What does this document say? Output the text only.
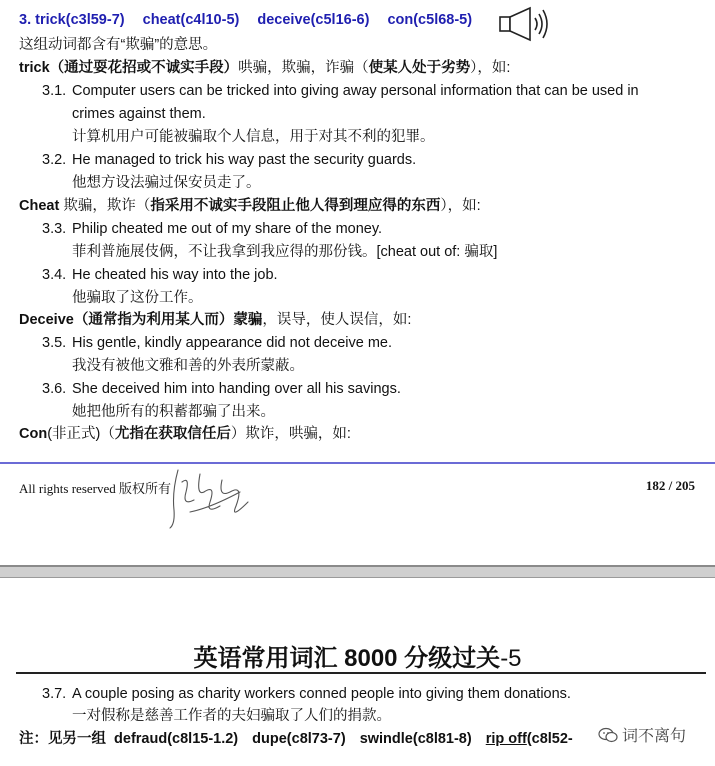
3. trick(c3l59-7) cheat(c4l10-5) deceive(c5l16-6) con(c5l68-5)
这组动词都含有“欺骗”的意思。
trick（通过耍花招或不诚实手段）哄骗，欺骗，诈骗（使某人处于劣势），如:
3.1. Computer users can be tricked into giving away personal information that can be used in
crimes against them.
计算机用户可能被骗取个人信息，用于对其不利的犯罪。
3.2. He managed to trick his way past the security guards.
他想方设法骗过保安员走了。
Cheat 欺骗，欺诈（指采用不诚实手段阻止他人得到理应得的东西），如:
3.3. Philip cheated me out of my share of the money.
菲利普施展伎俩，不让我拿到我应得的那份钱。[cheat out of: 骗取]
3.4. He cheated his way into the job.
他骗取了这份工作。
Deceive（通常指为利用某人而）蒙骗，误导，使人误信，如:
3.5. His gentle, kindly appearance did not deceive me.
我没有被他文雅和善的外表所蒙蔽。
3.6. She deceived him into handing over all his savings.
她把他所有的积蓄都骗了出来。
Con(非正式)（尤指在获取信任后）欺诈，哄骗，如:
All rights reserved 版权所有	182 / 205
英语常用词汇 8000 分级过关-5
3.7. A couple posing as charity workers conned people into giving them donations.
一对假称是慈善工作者的夫妇骗取了人们的捐款。
注：见另一组 defraud(c8l15-1.2) dupe(c8l73-7) swindle(c8l81-8) rip off(c8l52-	词不离句
